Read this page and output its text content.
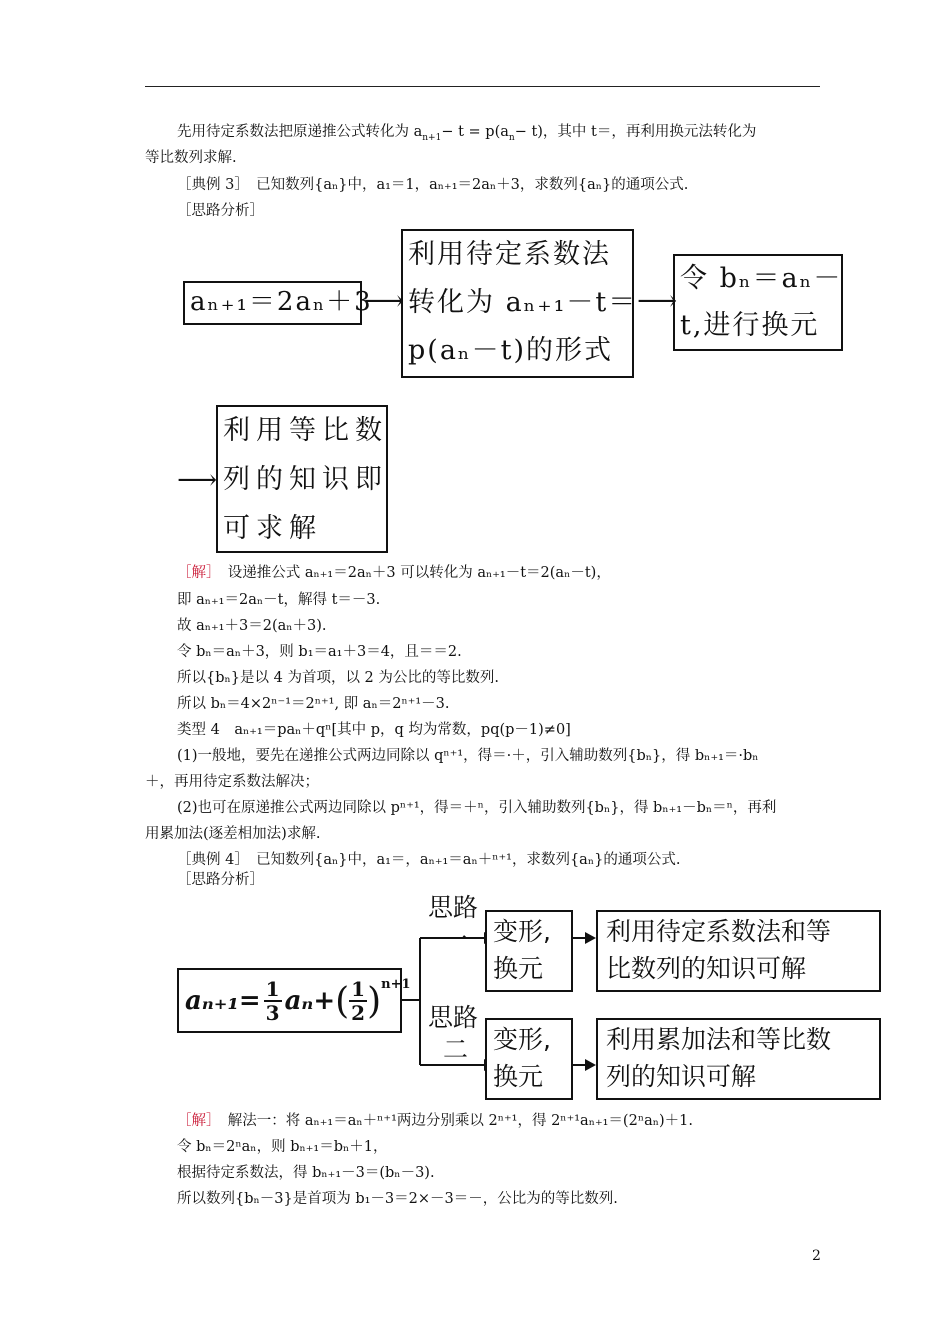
先用待定系数法把原递推公式转化为 $a_{n+1}- t = p(a_n- t)$，其中 t＝，再利用换元法转化为
等比数列求解.
［典例 3］　 已知数列{aₙ}中，a₁＝1，aₙ₊₁＝2aₙ＋3，求数列{aₙ}的通项公式.
［思路分析］
aₙ₊₁＝2aₙ＋3
⟶
利用待定系数法
转化为 aₙ₊₁－t＝
p(aₙ－t)的形式
⟶
令 bₙ＝aₙ－
t,进行换元
⟶
利用等比数
列的知识即
可求解
［解］　 设递推公式 aₙ₊₁＝2aₙ＋3 可以转化为 aₙ₊₁－t＝2(aₙ－t)，
即 aₙ₊₁＝2aₙ－t，解得 t＝－3.
故 aₙ₊₁＋3＝2(aₙ＋3).
令 bₙ＝aₙ＋3，则 b₁＝a₁＋3＝4，且＝＝2.
所以{bₙ}是以 4 为首项，以 2 为公比的等比数列.
所以 bₙ＝4×2ⁿ⁻¹＝2ⁿ⁺¹, 即 aₙ＝2ⁿ⁺¹－3.
类型 4　aₙ₊₁＝paₙ＋qⁿ[其中 p，q 均为常数，pq(p－1)≠0]
(1)一般地，要先在递推公式两边同除以 qⁿ⁺¹，得＝·＋，引入辅助数列{bₙ}，得 bₙ₊₁＝·bₙ
＋，再用待定系数法解决；
(2)也可在原递推公式两边同除以 pⁿ⁺¹，得＝＋ⁿ，引入辅助数列{bₙ}，得 bₙ₊₁－bₙ＝ⁿ，再利
用累加法(逐差相加法)求解.
［典例 4］　 已知数列{aₙ}中，a₁＝，aₙ₊₁＝aₙ＋ⁿ⁺¹，求数列{aₙ}的通项公式.
［思路分析］
$a_{n+1}= \frac{1}{3} a_n+$ ( 1
2 ) n+1
思路
一
思路
二
变形,
换元
变形,
换元
利用待定系数法和等
比数列的知识可解
利用累加法和等比数
列的知识可解
［解］　 解法一：将 aₙ₊₁＝aₙ＋ⁿ⁺¹两边分别乘以 2ⁿ⁺¹，得 2ⁿ⁺¹aₙ₊₁＝(2ⁿaₙ)＋1.
令 bₙ＝2ⁿaₙ，则 bₙ₊₁＝bₙ＋1，
根据待定系数法，得 bₙ₊₁－3＝(bₙ－3).
所以数列{bₙ－3}是首项为 b₁－3＝2×－3＝－，公比为的等比数列.
2
